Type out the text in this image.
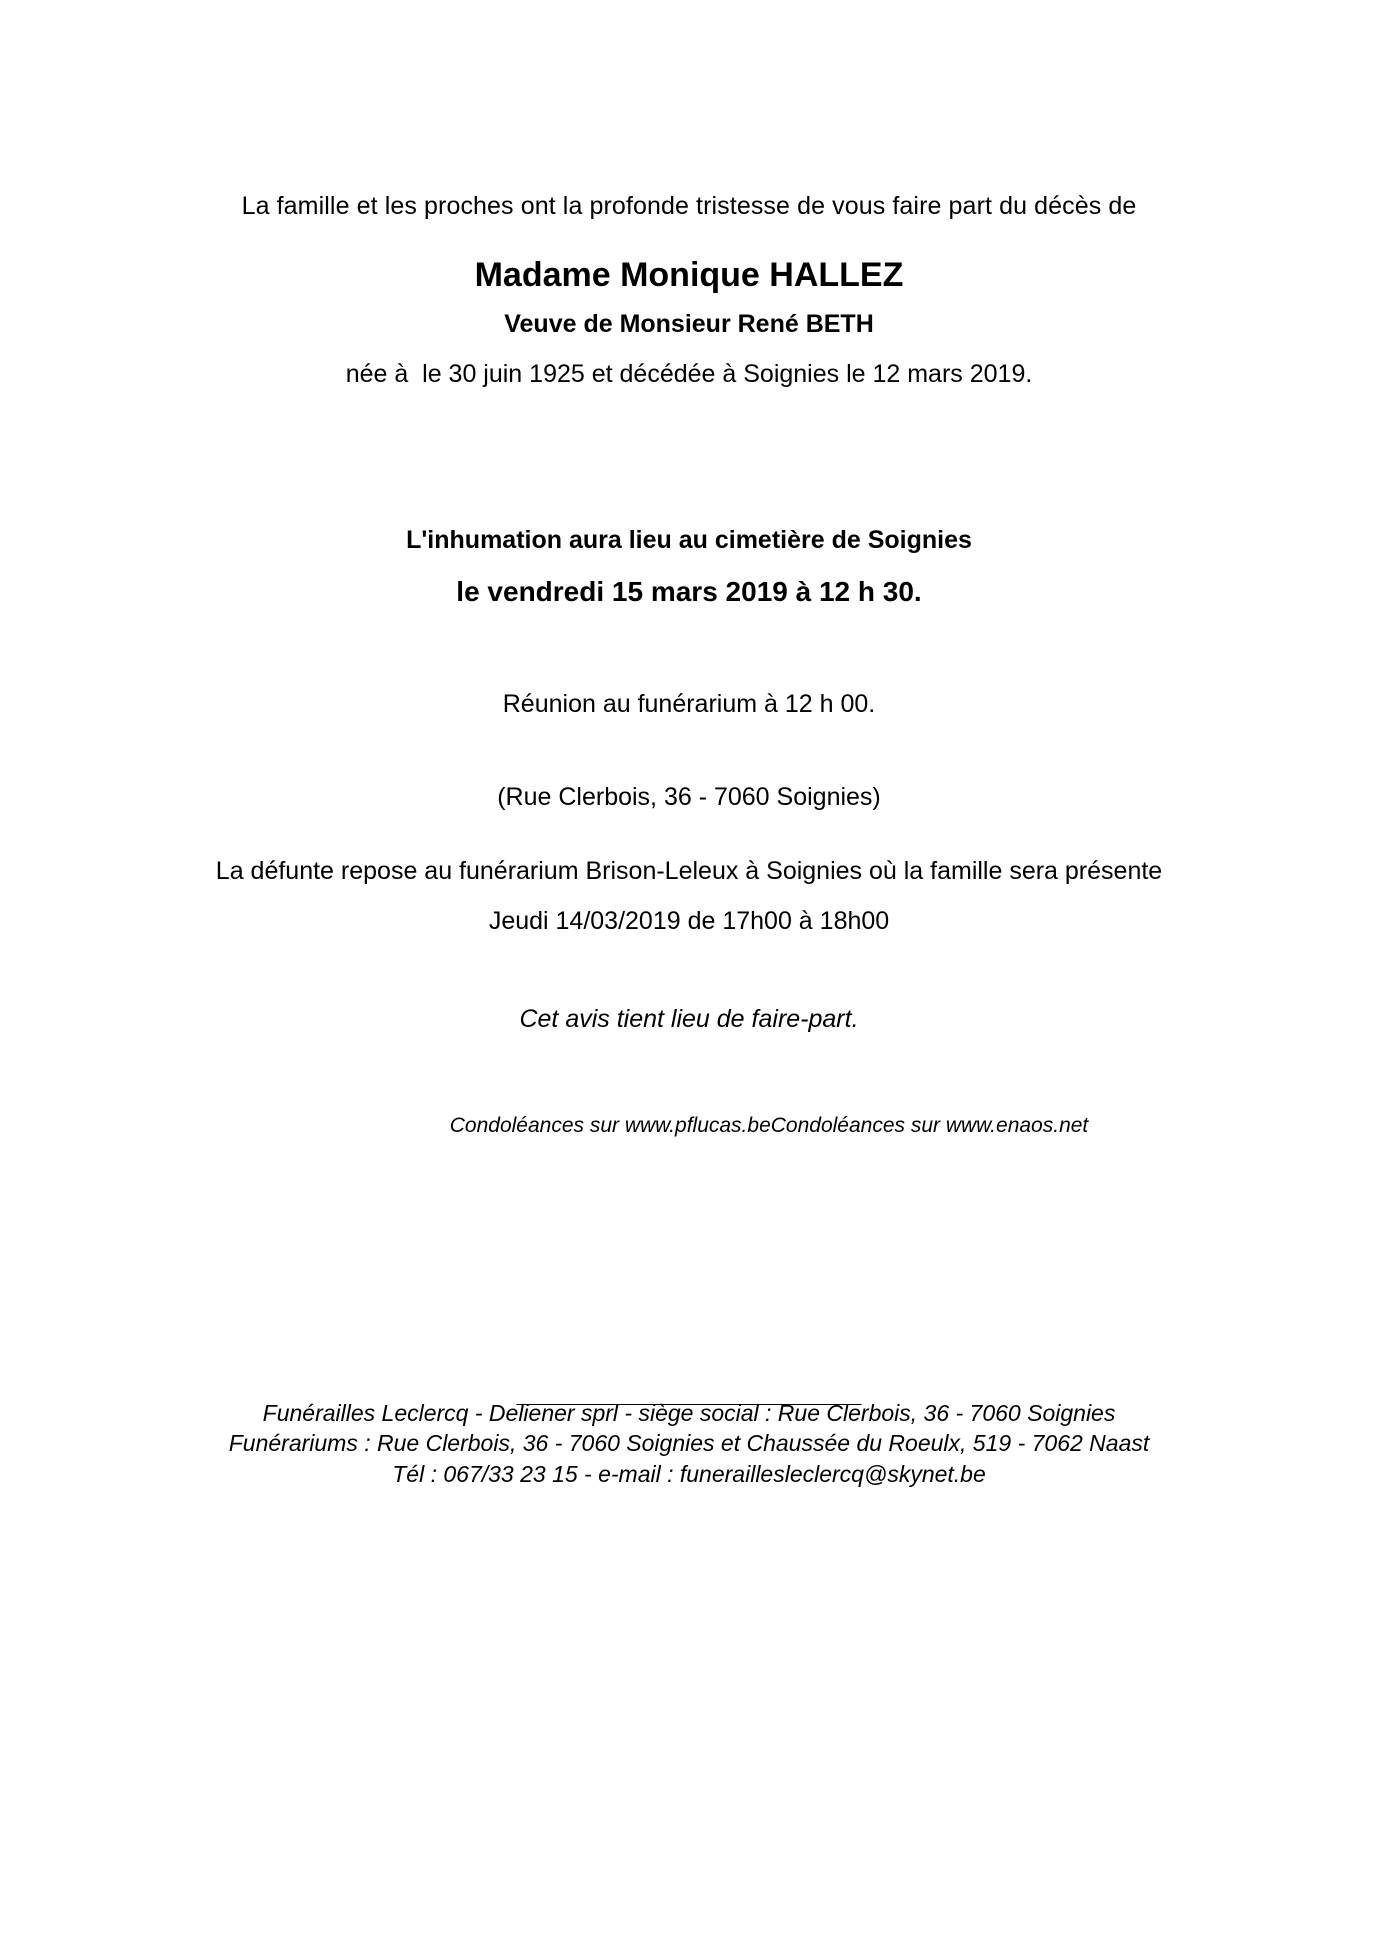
La famille et les proches ont la profonde tristesse de vous faire part du décès de
Madame Monique HALLEZ
Veuve de Monsieur René BETH
née à  le 30 juin 1925 et décédée à Soignies le 12 mars 2019.
L'inhumation aura lieu au cimetière de Soignies
le vendredi 15 mars 2019 à 12 h 30.

Réunion au funérarium à 12 h 00.

(Rue Clerbois, 36 - 7060 Soignies)

La défunte repose au funérarium Brison-Leleux à Soignies où la famille sera présente
Jeudi 14/03/2019 de 17h00 à 18h00
Cet avis tient lieu de faire-part.
Condoléances sur www.pflucas.beCondoléances sur www.enaos.net
Funérailles Leclercq - Deliener sprl - siège social : Rue Clerbois, 36 - 7060 Soignies
Funérariums : Rue Clerbois, 36 - 7060 Soignies et Chaussée du Roeulx, 519 - 7062 Naast
Tél : 067/33 23 15 - e-mail : funeraillesleclercq@skynet.be
